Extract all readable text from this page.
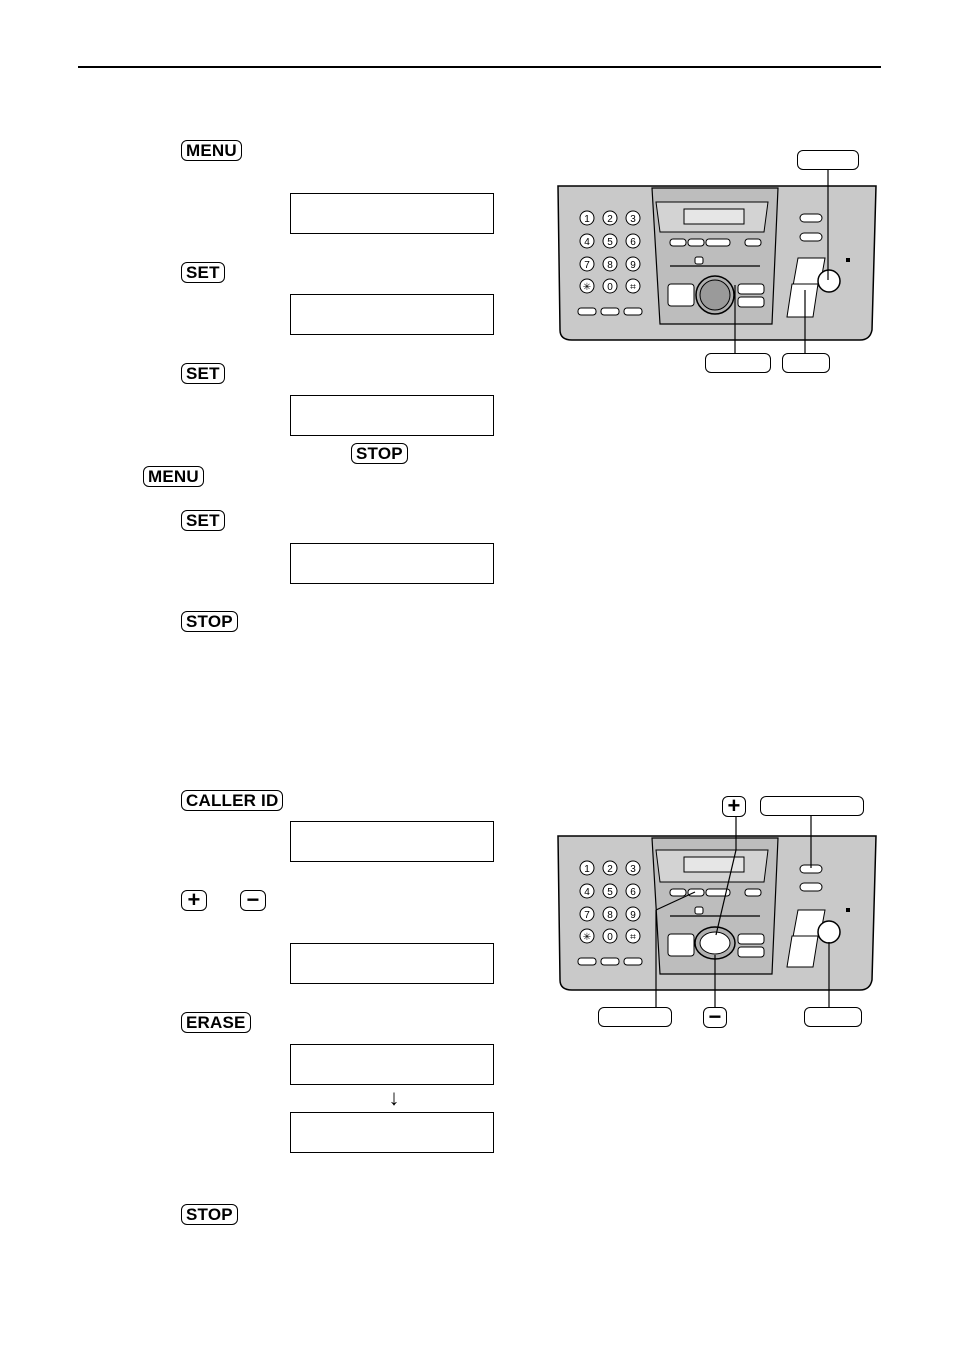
MENU
SET
SET
STOP
MENU
SET
STOP
CALLER ID
+ −
ERASE
↓
STOP
1 2 3
4 5 6
7 8 9
✳ 0 ⌗
+
−
1 2 3
4 5 6
7 8 9
✳ 0 ⌗
